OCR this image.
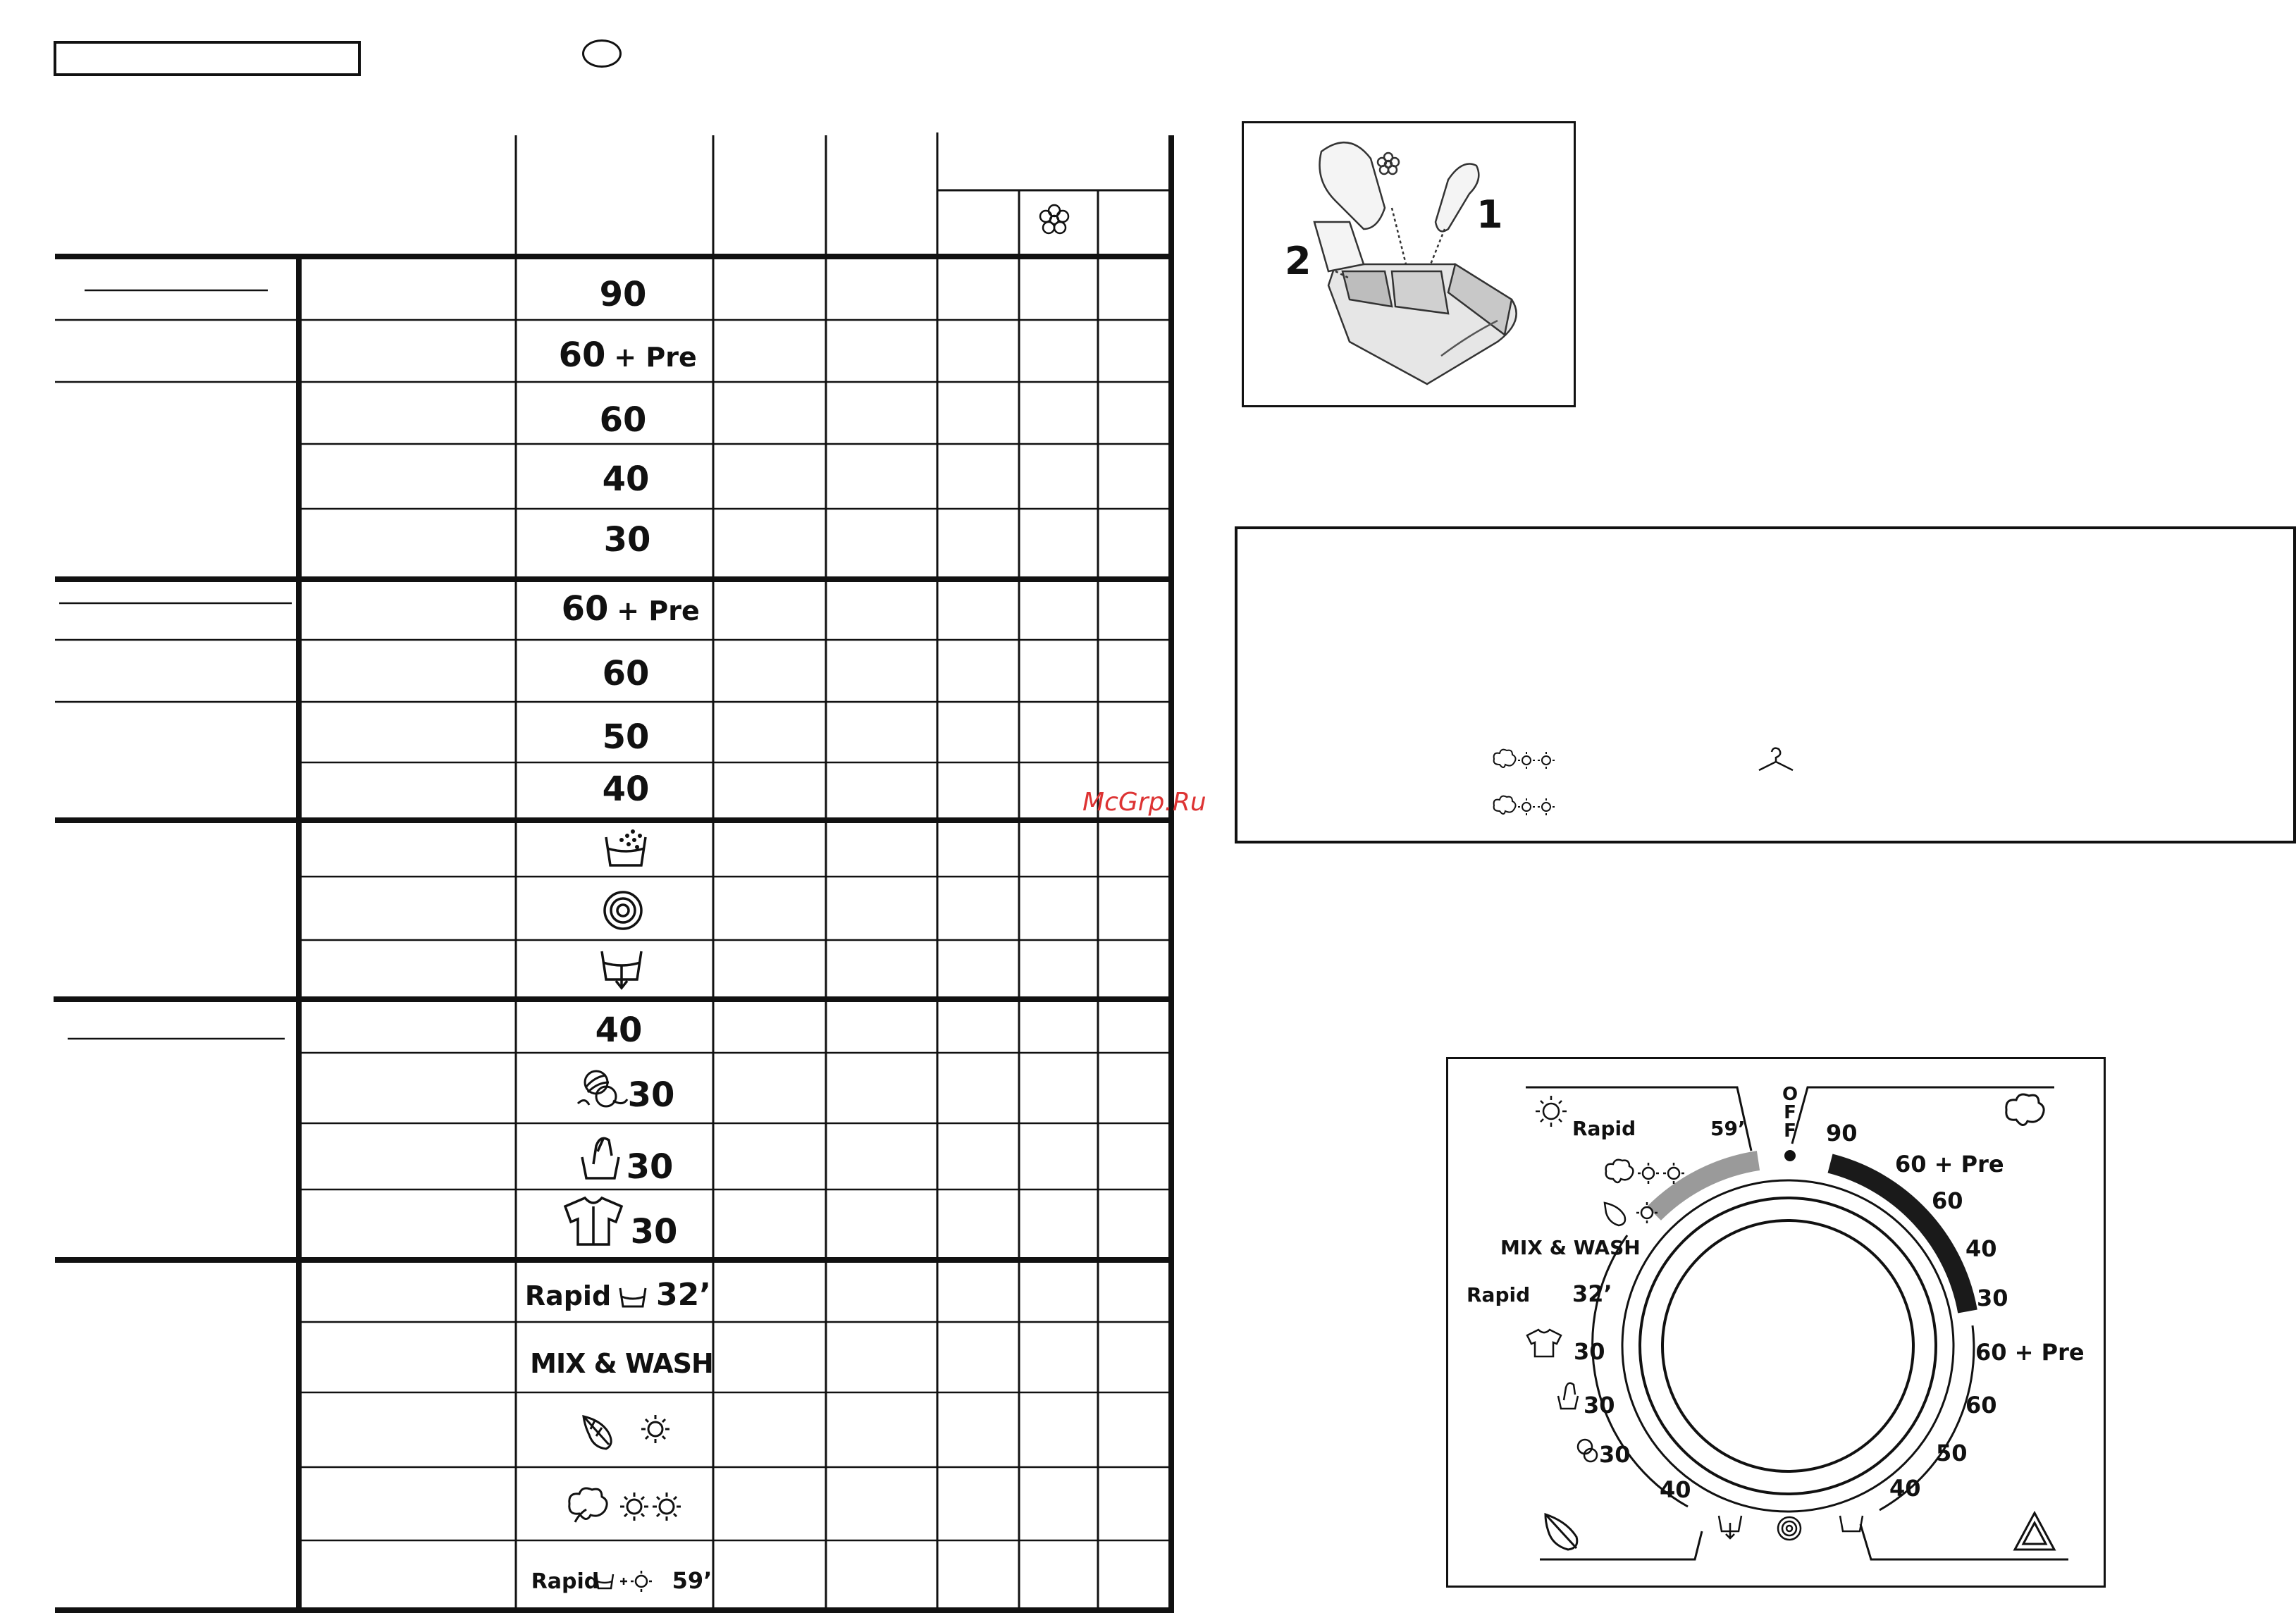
90
60 + Pre
60
40
30
60 + Pre
60
50
40
40
30
30
30
Rapid 32’
MIX & WASH
Rapid	59’
1
2
McGrp.Ru
O
F
F 90
60 + Pre
60
40
30
60 + Pre
60
50
40
Rapid	59’
MIX & WASH
Rapid 32’
30
30
30
40
